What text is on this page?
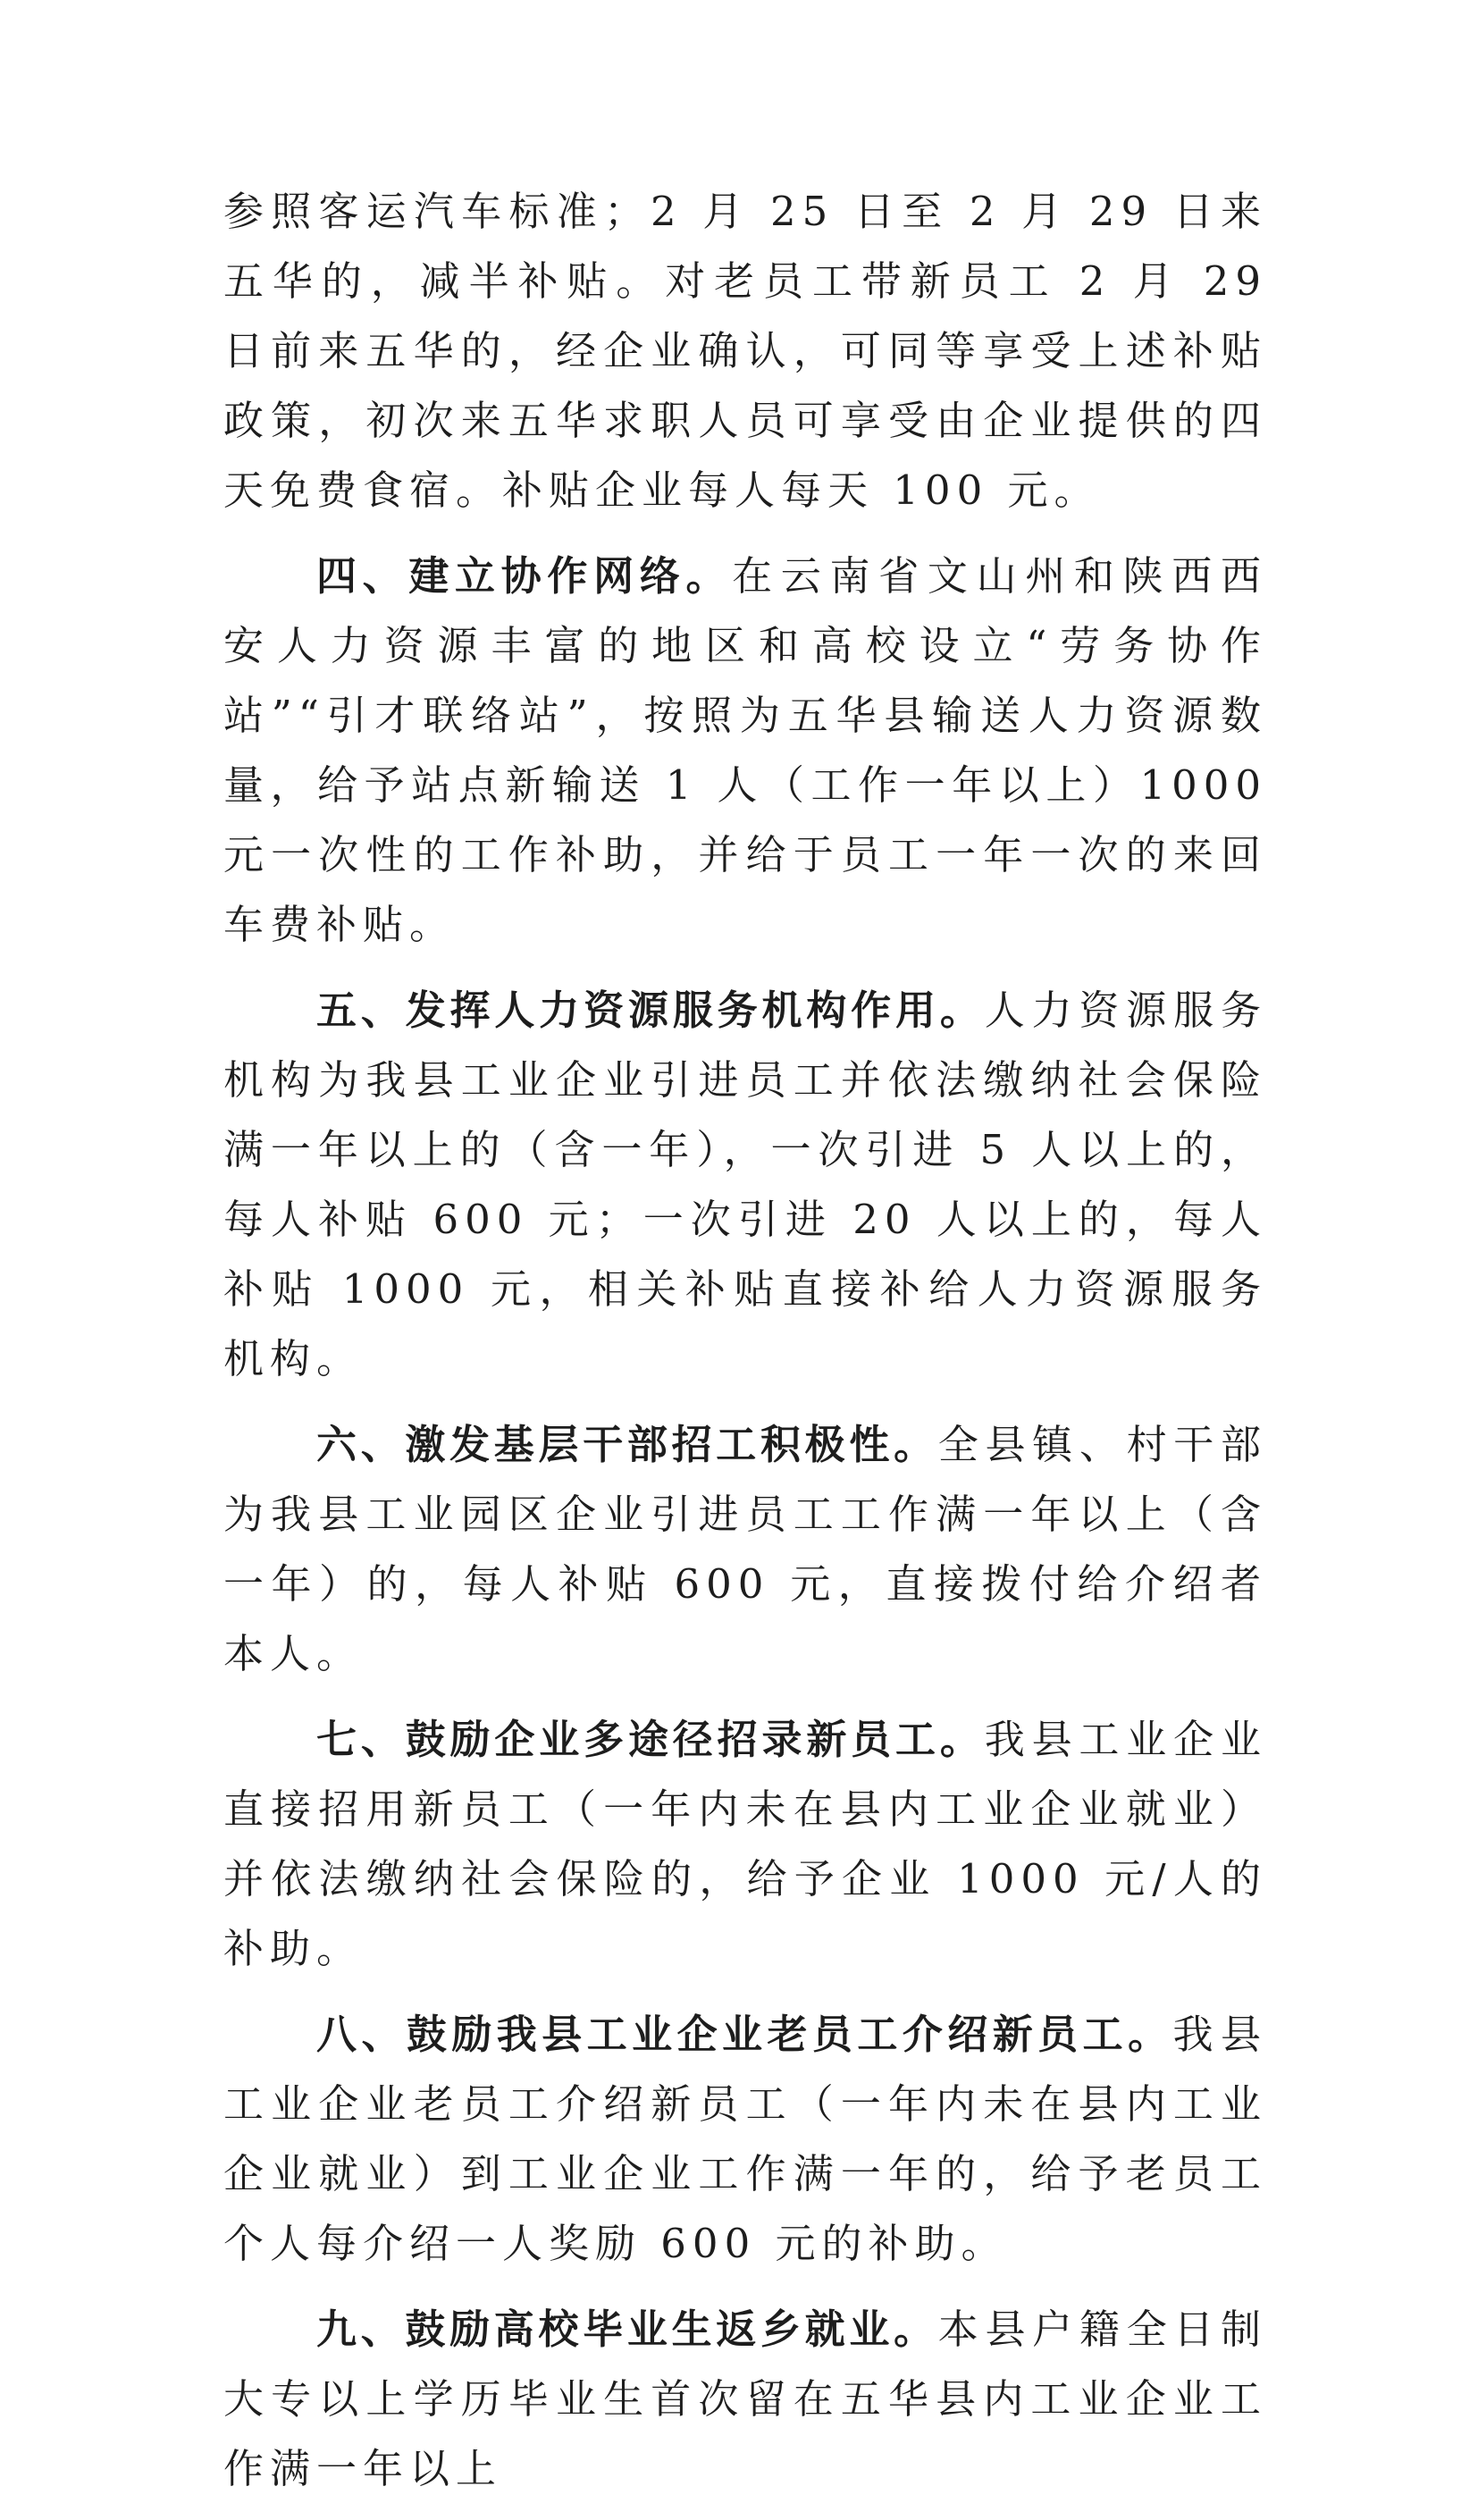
参照客运汽车标准；2 月 25 日至 2 月 29 日来五华的，减半补贴。对老员工带新员工 2 月 29 日前来五华的，经企业确认，可同等享受上述补贴政策，初次来五华求职人员可享受由企业提供的四天免费食宿。补贴企业每人每天 100 元。

四、建立协作网络。在云南省文山州和陕西西安人力资源丰富的地区和高校设立“劳务协作站”“引才联络站”，按照为五华县输送人力资源数量，给予站点新输送 1 人（工作一年以上）1000 元一次性的工作补助，并给于员工一年一次的来回车费补贴。

五、发挥人力资源服务机构作用。人力资源服务机构为我县工业企业引进员工并依法缴纳社会保险满一年以上的（含一年），一次引进 5 人以上的，每人补贴 600 元；一次引进 20 人以上的，每人补贴 1000 元，相关补贴直接补给人力资源服务机构。

六、激发基层干部招工积极性。全县镇、村干部为我县工业园区企业引进员工工作满一年以上（含一年）的，每人补贴 600 元，直接拨付给介绍者本人。

七、鼓励企业多途径招录新员工。我县工业企业直接招用新员工（一年内未在县内工业企业就业）并依法缴纳社会保险的，给予企业 1000 元/人的补助。

八、鼓励我县工业企业老员工介绍新员工。我县工业企业老员工介绍新员工（一年内未在县内工业企业就业）到工业企业工作满一年的，给予老员工个人每介绍一人奖励 600 元的补助。

九、鼓励高校毕业生返乡就业。本县户籍全日制大专以上学历毕业生首次留在五华县内工业企业工作满一年以上
